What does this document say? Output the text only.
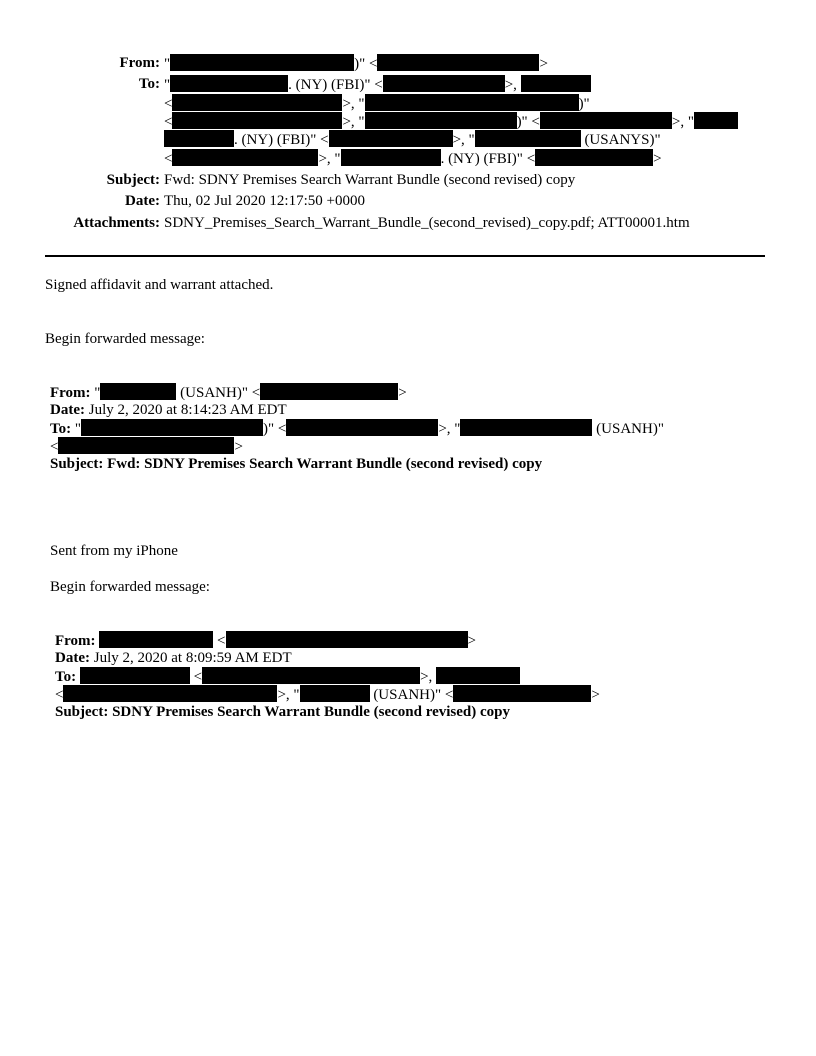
From: "	)" <	>
To: "	. (NY) (FBI)" <	>,
<	>, "	)"
<	>, "	)" <	>, "
. (NY) (FBI)" <	>, "	(USANYS)"
<	>, "	. (NY) (FBI)" <	>
Subject: Fwd: SDNY Premises Search Warrant Bundle (second revised) copy
Date: Thu, 02 Jul 2020 12:17:50 +0000
Attachments: SDNY_Premises_Search_Warrant_Bundle_(second_revised)_copy.pdf; ATT00001.htm
Signed affidavit and warrant attached.
Begin forwarded message:
From: "	(USANH)" <	>
Date: July 2, 2020 at 8:14:23 AM EDT
To: "	)" <	>, "	(USANH)"
<	>
Subject: Fwd: SDNY Premises Search Warrant Bundle (second revised) copy
Sent from my iPhone
Begin forwarded message:
From:	<	>
Date: July 2, 2020 at 8:09:59 AM EDT
To:	<	>,
<	>, "	(USANH)" <	>
Subject: SDNY Premises Search Warrant Bundle (second revised) copy
